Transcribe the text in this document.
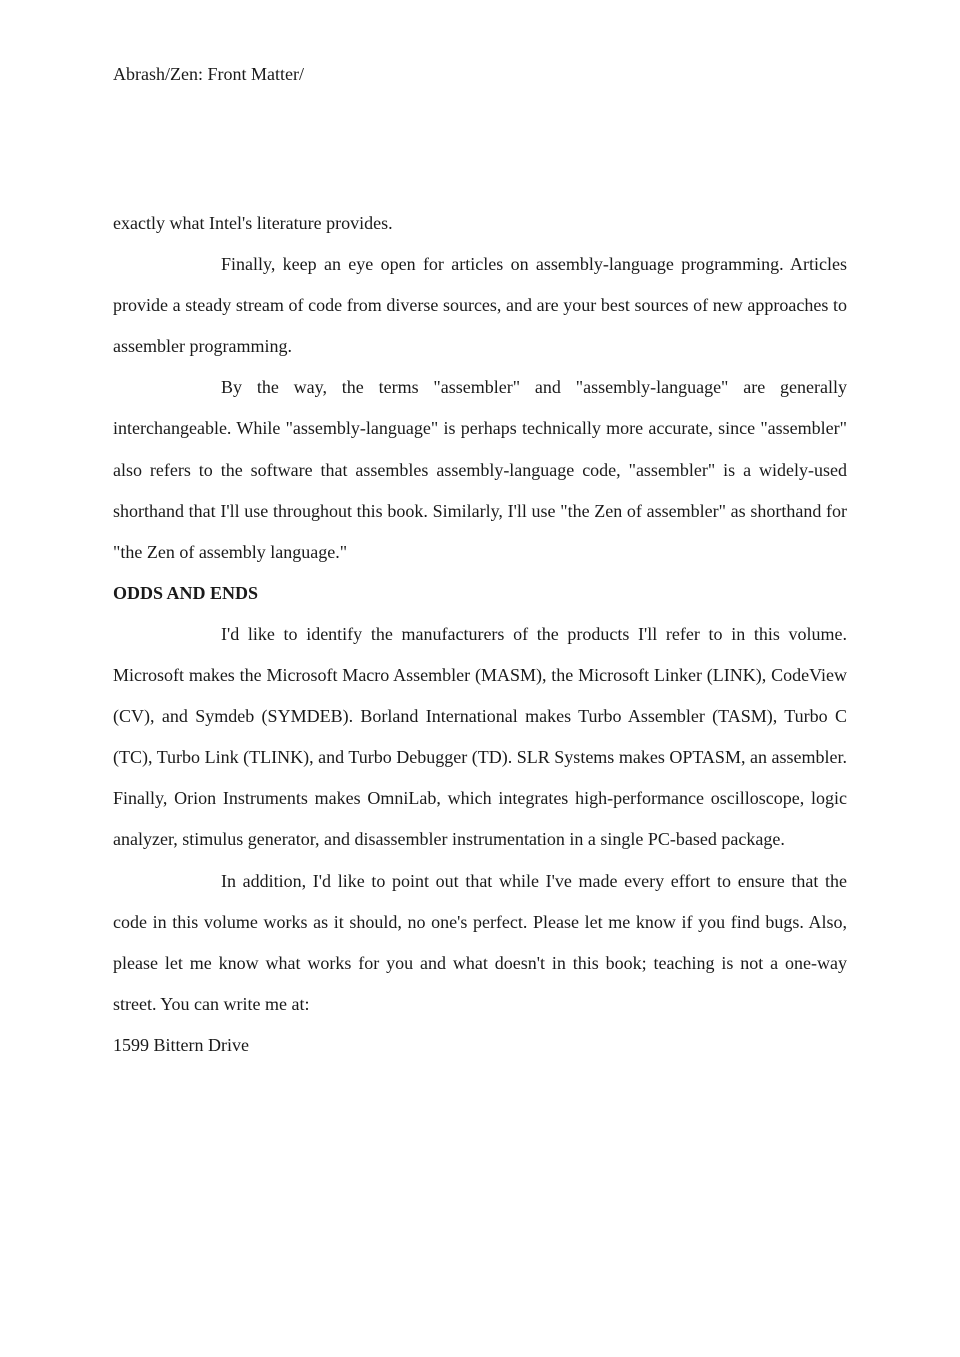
Abrash/Zen: Front Matter/

exactly what Intel's literature provides.

Finally, keep an eye open for articles on assembly-language programming. Articles provide a steady stream of code from diverse sources, and are your best sources of new approaches to assembler programming.

By the way, the terms "assembler" and "assembly-language" are generally interchangeable. While "assembly-language" is perhaps technically more accurate, since "assembler" also refers to the software that assembles assembly-language code, "assembler" is a widely-used shorthand that I'll use throughout this book. Similarly, I'll use "the Zen of assembler" as shorthand for "the Zen of assembly language."

ODDS AND ENDS

I'd like to identify the manufacturers of the products I'll refer to in this volume. Microsoft makes the Microsoft Macro Assembler (MASM), the Microsoft Linker (LINK), CodeView (CV), and Symdeb (SYMDEB). Borland International makes Turbo Assembler (TASM), Turbo C (TC), Turbo Link (TLINK), and Turbo Debugger (TD). SLR Systems makes OPTASM, an assembler. Finally, Orion Instruments makes OmniLab, which integrates high-performance oscilloscope, logic analyzer, stimulus generator, and disassembler instrumentation in a single PC-based package.

In addition, I'd like to point out that while I've made every effort to ensure that the code in this volume works as it should, no one's perfect. Please let me know if you find bugs. Also, please let me know what works for you and what doesn't in this book; teaching is not a one-way street. You can write me at:

1599 Bittern Drive
